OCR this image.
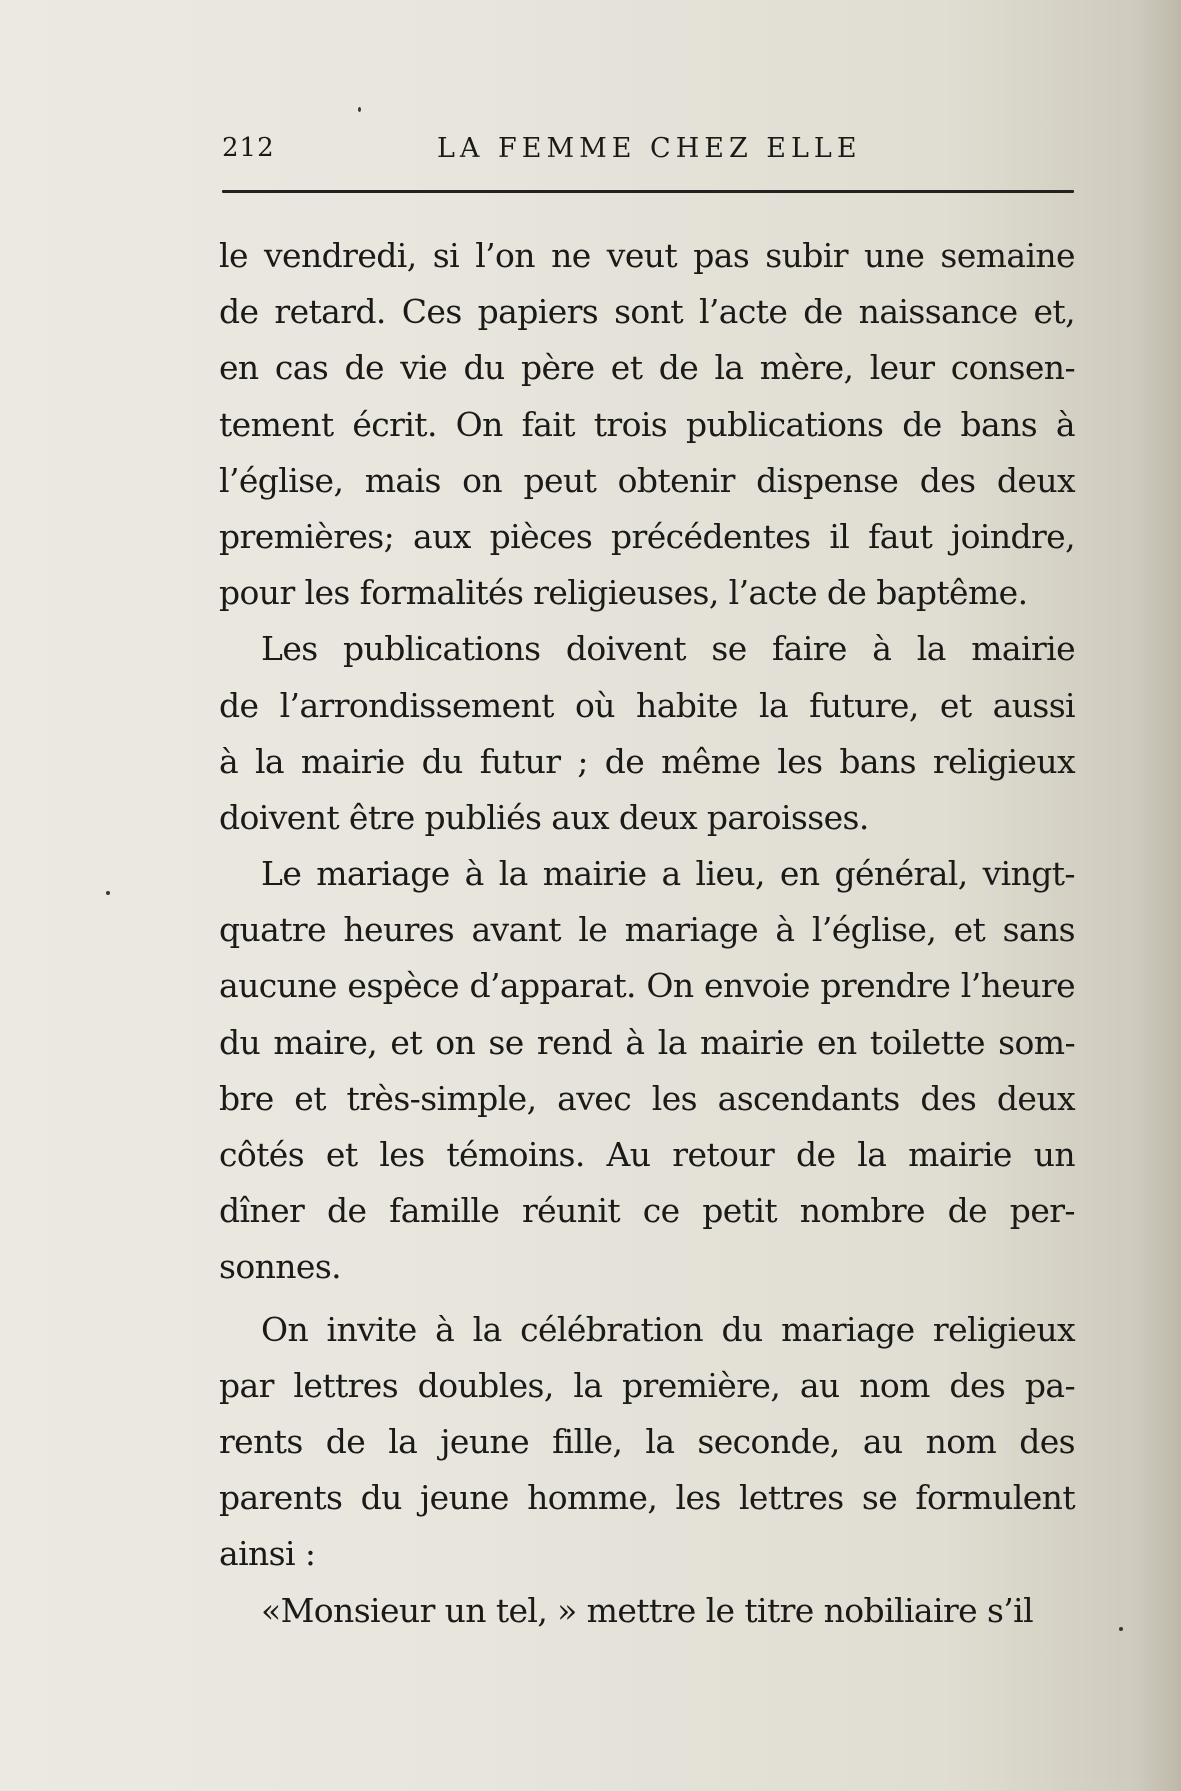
212	LA FEMME CHEZ ELLE
le vendredi, si l’on ne veut pas subir une semaine
de retard. Ces papiers sont l’acte de naissance et,
en cas de vie du père et de la mère, leur consen-
tement écrit. On fait trois publications de bans à
l’église, mais on peut obtenir dispense des deux
premières; aux pièces précédentes il faut joindre,
pour les formalités religieuses, l’acte de baptême.
Les publications doivent se faire à la mairie
de l’arrondissement où habite la future, et aussi
à la mairie du futur ; de même les bans religieux
doivent être publiés aux deux paroisses.
Le mariage à la mairie a lieu, en général, vingt-
quatre heures avant le mariage à l’église, et sans
aucune espèce d’apparat. On envoie prendre l’heure
du maire, et on se rend à la mairie en toilette som-
bre et très-simple, avec les ascendants des deux
côtés et les témoins. Au retour de la mairie un
dîner de famille réunit ce petit nombre de per-
sonnes.
On invite à la célébration du mariage religieux
par lettres doubles, la première, au nom des pa-
rents de la jeune fille, la seconde, au nom des
parents du jeune homme, les lettres se formulent
ainsi :
«Monsieur un tel, » mettre le titre nobiliaire s’il
